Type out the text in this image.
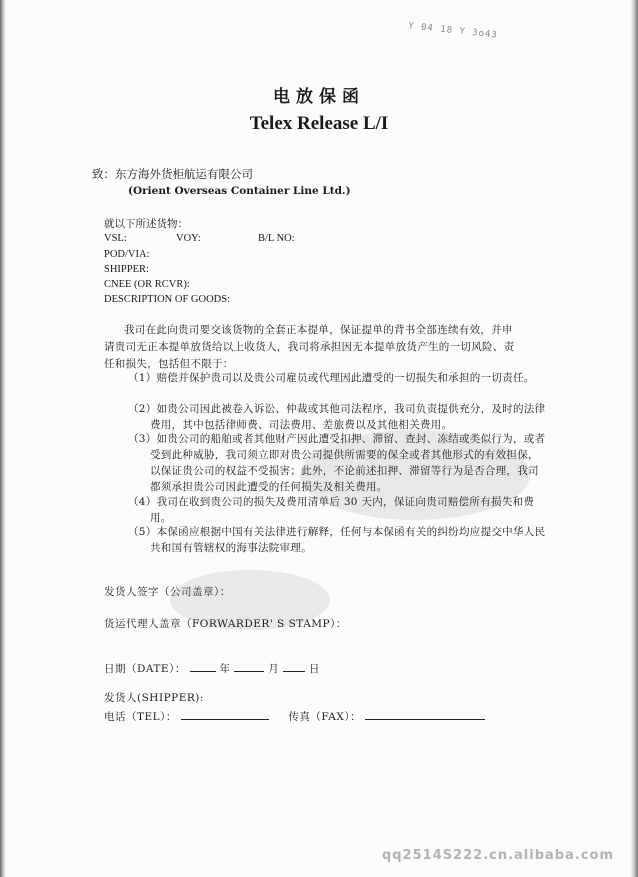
Y 04 18 Y 3o43
电放保函
Telex Release L/I
致：东方海外货柜航运有限公司
(Orient Overseas Container Line Ltd.)
就以下所述货物：
VSL:	VOY:	B/L NO:
POD/VIA:
SHIPPER:
CNEE (OR RCVR):
DESCRIPTION OF GOODS:
我司在此向贵司要交该货物的全套正本提单，保证提单的背书全部连续有效，并申请贵司无正本提单放货给以上收货人，我司将承担因无本提单放货产生的一切风险、责任和损失，包括但不限于：
（1）赔偿并保护贵司以及贵公司雇员或代理因此遭受的一切损失和承担的一切责任。
（2）如贵公司因此被卷入诉讼、仲裁或其他司法程序，我司负责提供充分，及时的法律费用，其中包括律师费、司法费用、差旅费以及其他相关费用。
（3）如贵公司的船舶或者其他财产因此遭受扣押、滞留、查封、冻结或类似行为，或者受到此种威胁，我司须立即对贵公司提供所需要的保全或者其他形式的有效担保，以保证贵公司的权益不受损害；此外，不论前述扣押、滞留等行为是否合理，我司都须承担贵公司因此遭受的任何损失及相关费用。
（4）我司在收到贵公司的损失及费用清单后 30 天内，保证向贵司赔偿所有损失和费用。
（5）本保函应根据中国有关法律进行解释，任何与本保函有关的纠纷均应提交中华人民共和国有管辖权的海事法院审理。
发货人签字（公司盖章）：
货运代理人盖章（FORWARDER' S STAMP）：
日期（DATE）：	年	月	日
发货人(SHIPPER):
电话（TEL）：	传真（FAX）：
qq2514Ѕ222.cn.alibaba.com
